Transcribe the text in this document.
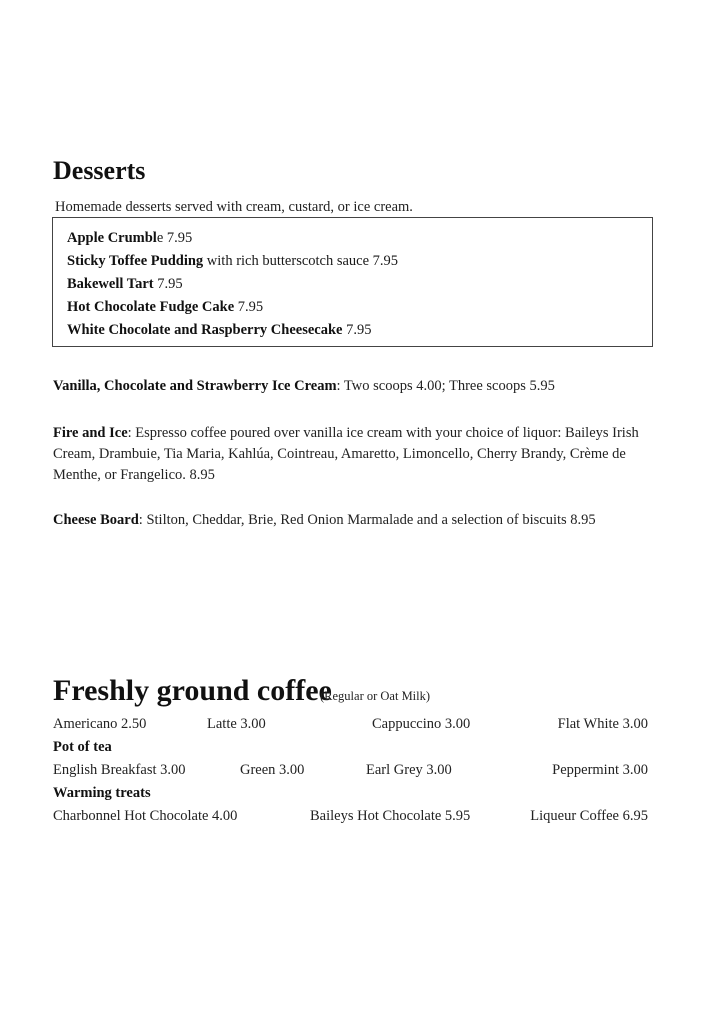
Desserts
Homemade desserts served with cream, custard, or ice cream.
Apple Crumble 7.95
Sticky Toffee Pudding with rich butterscotch sauce 7.95
Bakewell Tart 7.95
Hot Chocolate Fudge Cake 7.95
White Chocolate and Raspberry Cheesecake 7.95
Vanilla, Chocolate and Strawberry Ice Cream: Two scoops 4.00; Three scoops 5.95
Fire and Ice: Espresso coffee poured over vanilla ice cream with your choice of liquor: Baileys Irish Cream, Drambuie, Tia Maria, Kahlúa, Cointreau, Amaretto, Limoncello, Cherry Brandy, Crème de Menthe, or Frangelico. 8.95
Cheese Board: Stilton, Cheddar, Brie, Red Onion Marmalade and a selection of biscuits 8.95
Freshly ground coffee
(Regular or Oat Milk)
Americano 2.50	Latte 3.00	Cappuccino 3.00	Flat White 3.00
Pot of tea
English Breakfast 3.00	Green 3.00	Earl Grey 3.00	Peppermint 3.00
Warming treats
Charbonnel Hot Chocolate 4.00	Baileys Hot Chocolate 5.95	Liqueur Coffee 6.95
